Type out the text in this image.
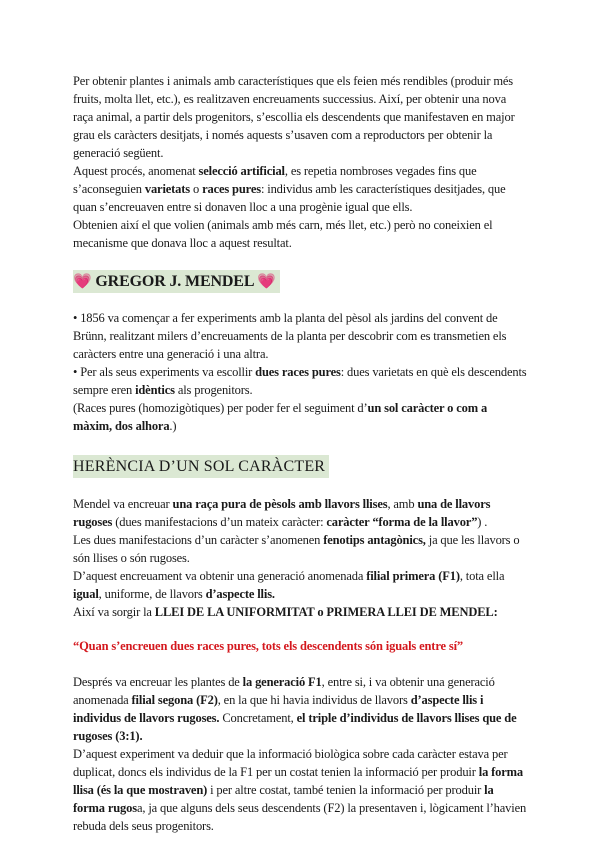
Per obtenir plantes i animals amb característiques que els feien més rendibles (produir més fruits, molta llet, etc.), es realitzaven encreuaments successius. Així, per obtenir una nova raça animal, a partir dels progenitors, s’escollia els descendents que manifestaven en major grau els caràcters desitjats, i només aquests s’usaven com a reproductors per obtenir la generació següent.

Aquest procés, anomenat selecció artificial, es repetia nombroses vegades fins que s’aconseguien varietats o races pures: individus amb les característiques desitjades, que quan s’encreuaven entre si donaven lloc a una progènie igual que ells.

Obtenien així el que volien (animals amb més carn, més llet, etc.) però no coneixien el mecanisme que donava lloc a aquest resultat.

💗 GREGOR J. MENDEL 💗

• 1856 va començar a fer experiments amb la planta del pèsol als jardins del convent de Brünn, realitzant milers d’encreuaments de la planta per descobrir com es transmetien els caràcters entre una generació i una altra.

• Per als seus experiments va escollir dues races pures: dues varietats en què els descendents sempre eren idèntics als progenitors.

(Races pures (homozigòtiques) per poder fer el seguiment d’un sol caràcter o com a màxim, dos alhora.)

HERÈNCIA D’UN SOL CARÀCTER

Mendel va encreuar una raça pura de pèsols amb llavors llises, amb una de llavors rugoses (dues manifestacions d’un mateix caràcter: caràcter “forma de la llavor”) .

Les dues manifestacions d’un caràcter s’anomenen fenotips antagònics, ja que les llavors o són llises o són rugoses.

D’aquest encreuament va obtenir una generació anomenada filial primera (F1), tota ella igual, uniforme, de llavors d’aspecte llis.

Així va sorgir la LLEI DE LA UNIFORMITAT o PRIMERA LLEI DE MENDEL:

“Quan s’encreuen dues races pures, tots els descendents són iguals entre sí”

Després va encreuar les plantes de la generació F1, entre si, i va obtenir una generació anomenada filial segona (F2), en la que hi havia individus de llavors d’aspecte llis i individus de llavors rugoses. Concretament, el triple d’individus de llavors llises que de rugoses (3:1).

D’aquest experiment va deduir que la informació biològica sobre cada caràcter estava per duplicat, doncs els individus de la F1 per un costat tenien la informació per produir la forma llisa (és la que mostraven) i per altre costat, també tenien la informació per produir la forma rugosa, ja que alguns dels seus descendents (F2) la presentaven i, lògicament l’havien rebuda dels seus progenitors.
